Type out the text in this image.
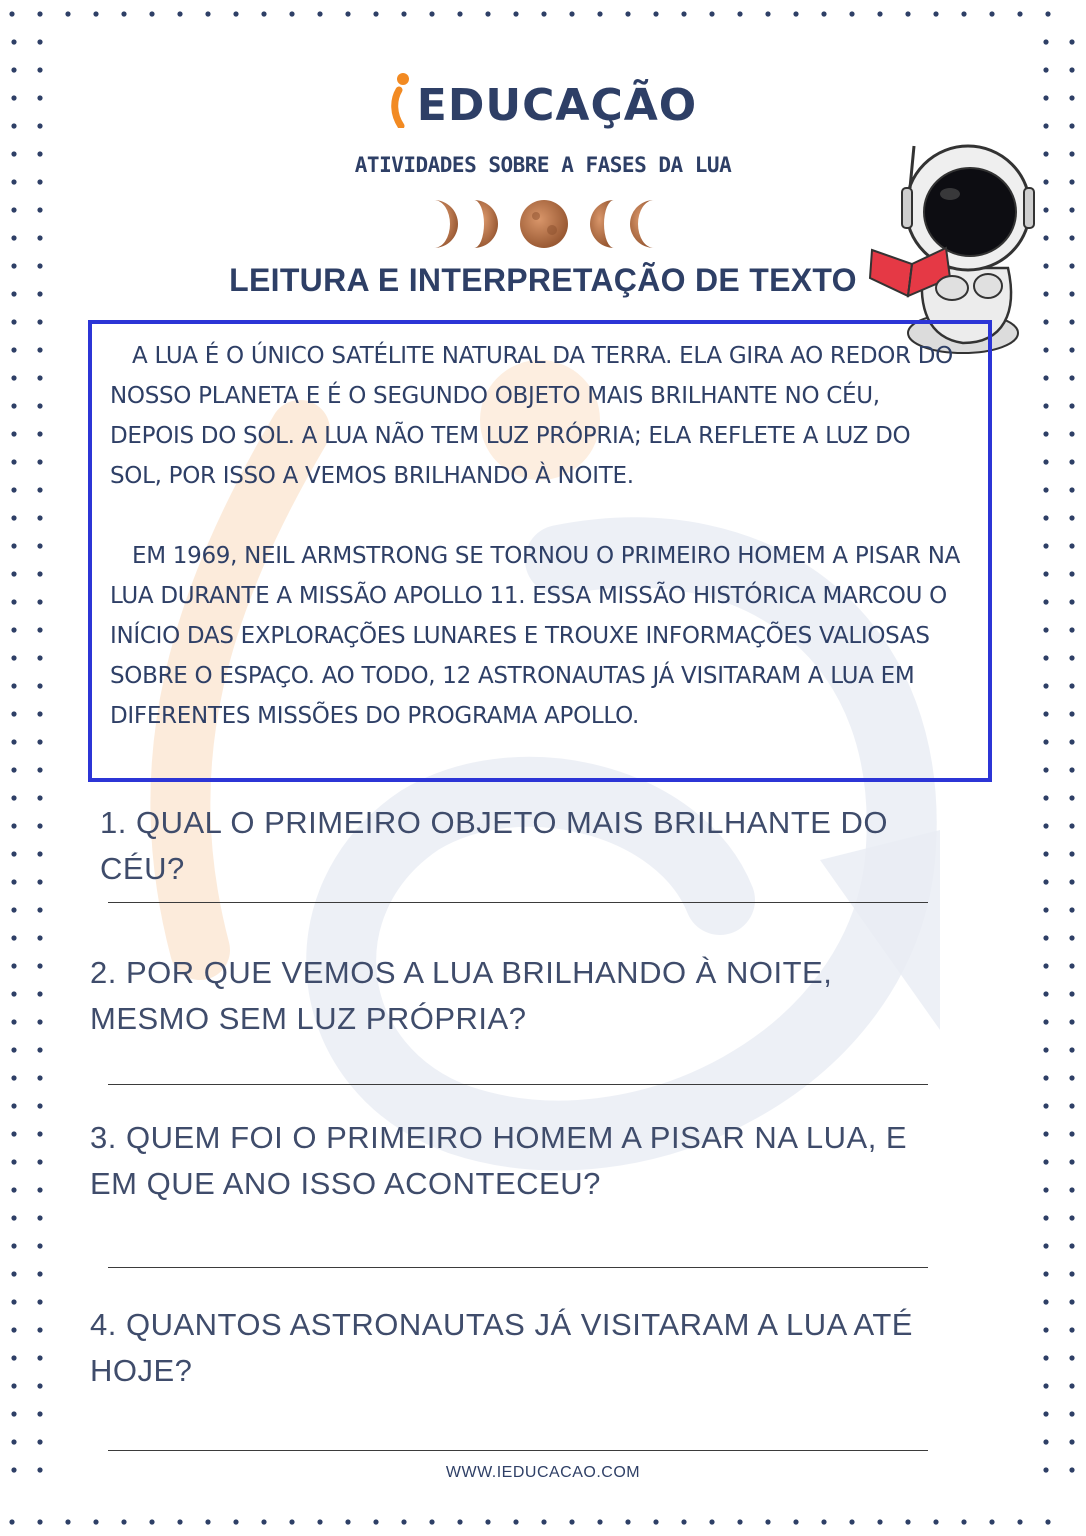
EDUCAÇÃO
ATIVIDADES SOBRE A FASES DA LUA
LEITURA E INTERPRETAÇÃO DE TEXTO

A LUA É O ÚNICO SATÉLITE NATURAL DA TERRA. ELA GIRA AO REDOR DO NOSSO PLANETA E É O SEGUNDO OBJETO MAIS BRILHANTE NO CÉU, DEPOIS DO SOL. A LUA NÃO TEM LUZ PRÓPRIA; ELA REFLETE A LUZ DO SOL, POR ISSO A VEMOS BRILHANDO À NOITE.

EM 1969, NEIL ARMSTRONG SE TORNOU O PRIMEIRO HOMEM A PISAR NA LUA DURANTE A MISSÃO APOLLO 11. ESSA MISSÃO HISTÓRICA MARCOU O INÍCIO DAS EXPLORAÇÕES LUNARES E TROUXE INFORMAÇÕES VALIOSAS SOBRE O ESPAÇO. AO TODO, 12 ASTRONAUTAS JÁ VISITARAM A LUA EM DIFERENTES MISSÕES DO PROGRAMA APOLLO.

1. QUAL O PRIMEIRO OBJETO MAIS BRILHANTE DO CÉU?
2. POR QUE VEMOS A LUA BRILHANDO À NOITE, MESMO SEM LUZ PRÓPRIA?
3. QUEM FOI O PRIMEIRO HOMEM A PISAR NA LUA, E EM QUE ANO ISSO ACONTECEU?
4. QUANTOS ASTRONAUTAS JÁ VISITARAM A LUA ATÉ HOJE?
WWW.IEDUCACAO.COM
